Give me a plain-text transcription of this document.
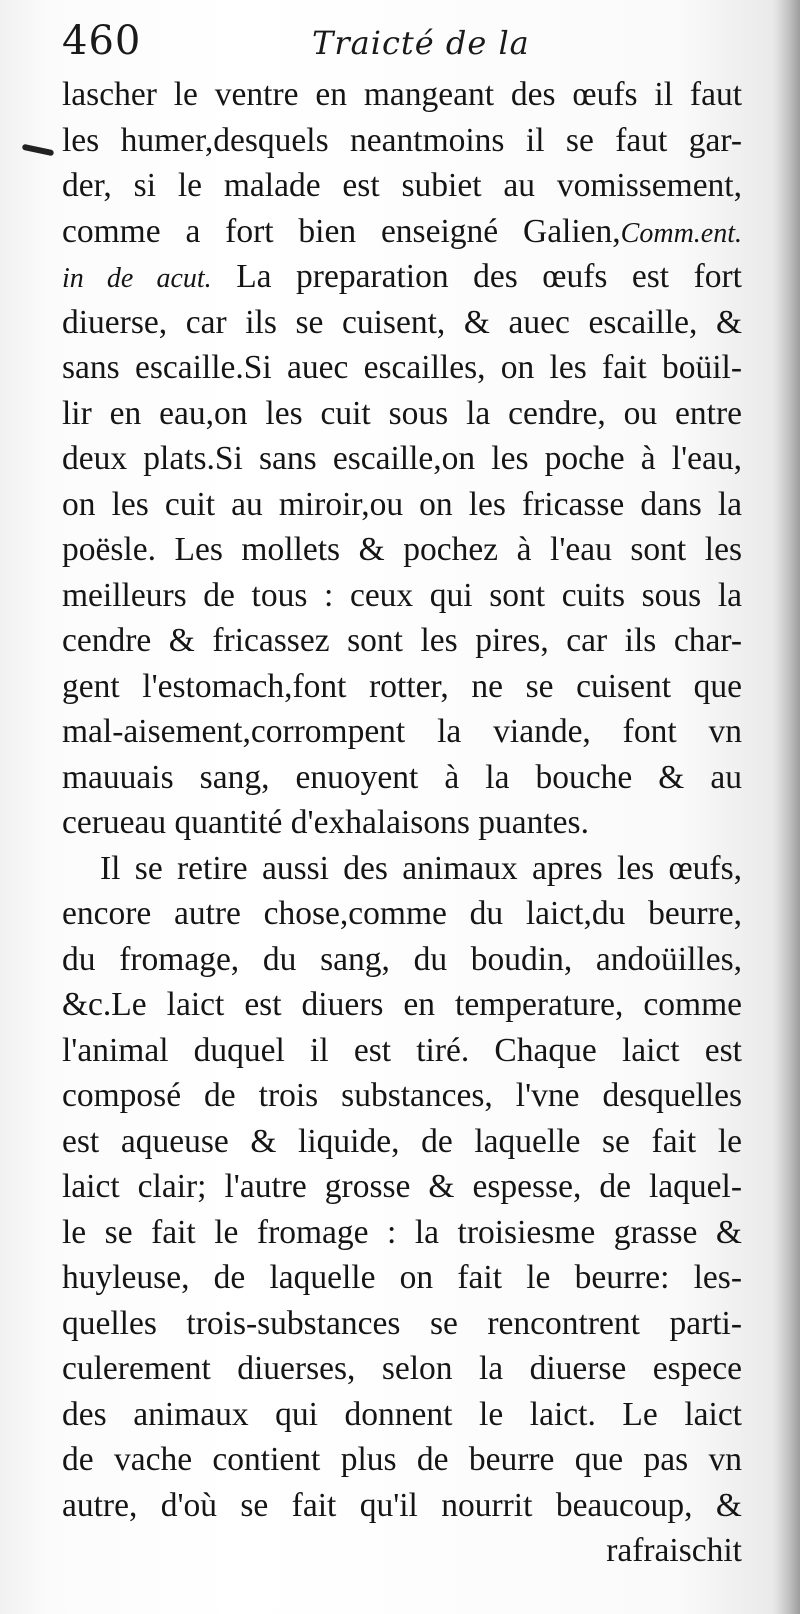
460	Traicté de la
lascher le ventre en mangeant des œufs il faut
les humer,desquels neantmoins il se faut gar-
der, si le malade est subiet au vomissement,
comme a fort bien enseigné Galien,Comm.ent.
in de acut. La preparation des œufs est fort
diuerse, car ils se cuisent, & auec escaille, &
sans escaille.Si auec escailles, on les fait boüil-
lir en eau,on les cuit sous la cendre, ou entre
deux plats.Si sans escaille,on les poche à l'eau,
on les cuit au miroir,ou on les fricasse dans la
poësle. Les mollets & pochez à l'eau sont les
meilleurs de tous : ceux qui sont cuits sous la
cendre & fricassez sont les pires, car ils char-
gent l'estomach,font rotter, ne se cuisent que
mal-aisement,corrompent la viande, font vn
mauuais sang, enuoyent à la bouche & au
cerueau quantité d'exhalaisons puantes.
Il se retire aussi des animaux apres les œufs,
encore autre chose,comme du laict,du beurre,
du fromage, du sang, du boudin, andoüilles,
&c.Le laict est diuers en temperature, comme
l'animal duquel il est tiré. Chaque laict est
composé de trois substances, l'vne desquelles
est aqueuse & liquide, de laquelle se fait le
laict clair; l'autre grosse & espesse, de laquel-
le se fait le fromage : la troisiesme grasse &
huyleuse, de laquelle on fait le beurre: les-
quelles trois-substances se rencontrent parti-
culerement diuerses, selon la diuerse espece
des animaux qui donnent le laict. Le laict
de vache contient plus de beurre que pas vn
autre, d'où se fait qu'il nourrit beaucoup, &
rafraischit
